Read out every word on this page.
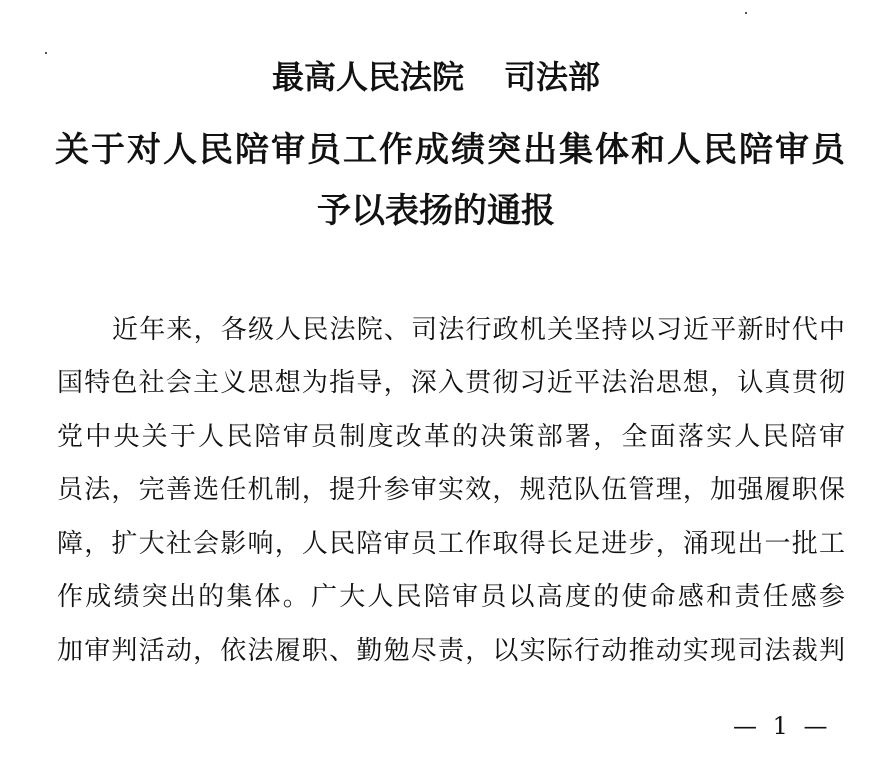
最高人民法院 司法部
关于对人民陪审员工作成绩突出集体和人民陪审员
予以表扬的通报
近年来，各级人民法院、司法行政机关坚持以习近平新时代中
国特色社会主义思想为指导，深入贯彻习近平法治思想，认真贯彻
党中央关于人民陪审员制度改革的决策部署，全面落实人民陪审
员法，完善选任机制，提升参审实效，规范队伍管理，加强履职保
障，扩大社会影响，人民陪审员工作取得长足进步，涌现出一批工
作成绩突出的集体。广大人民陪审员以高度的使命感和责任感参
加审判活动，依法履职、勤勉尽责，以实际行动推动实现司法裁判
— 1 —
